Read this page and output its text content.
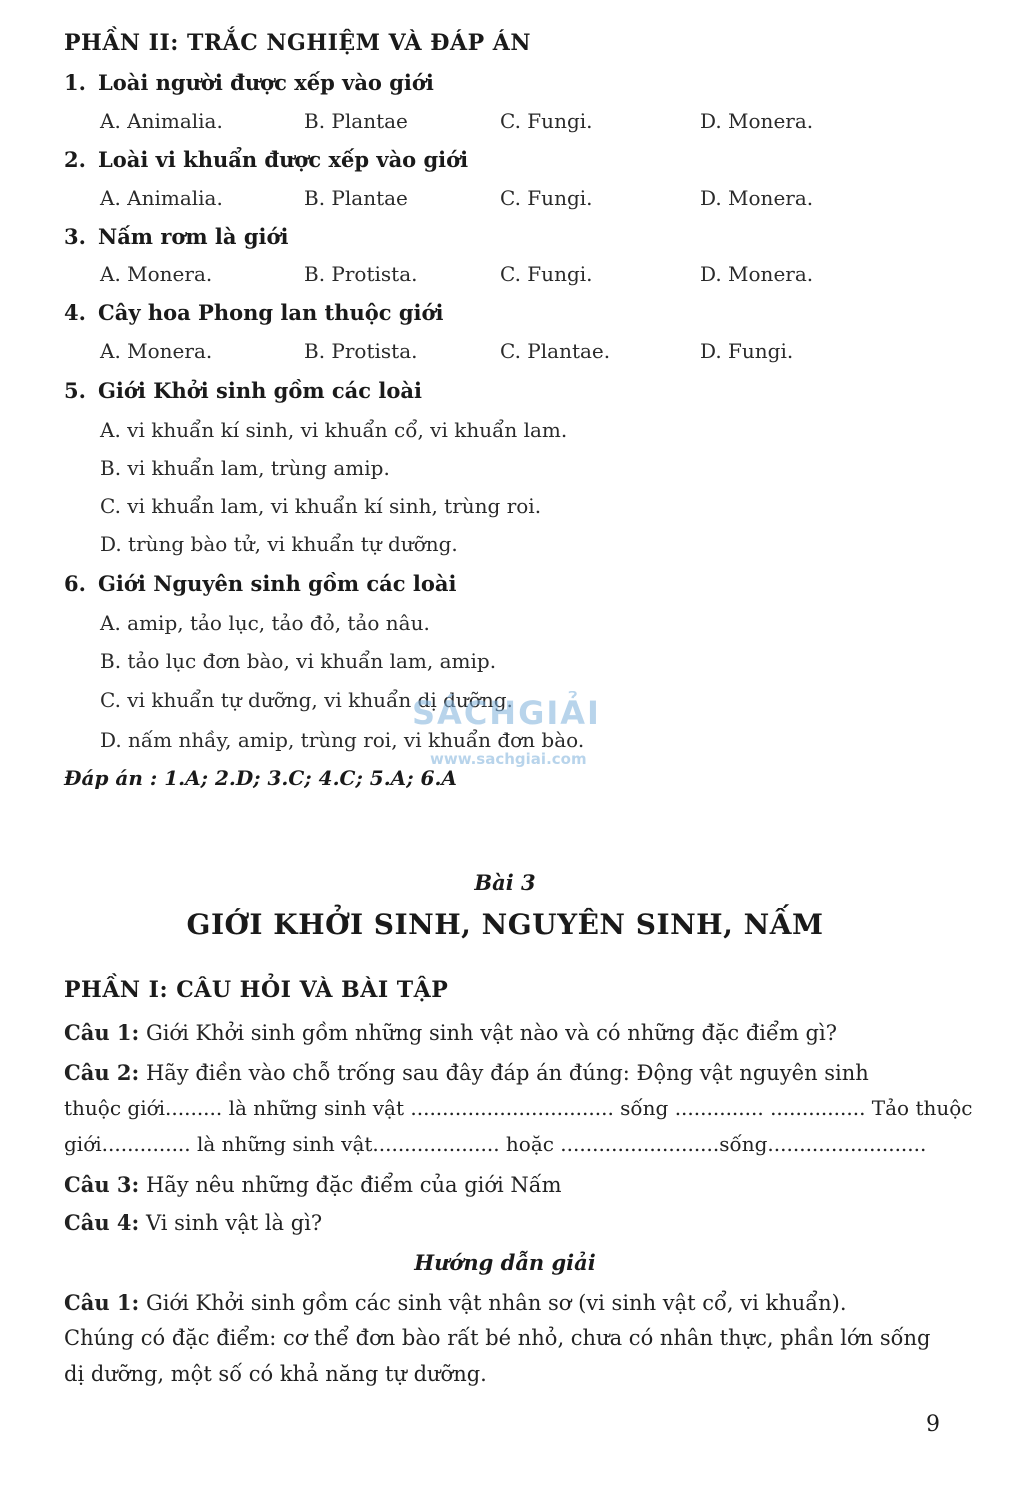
PHẦN II: TRẮC NGHIỆM VÀ ĐÁP ÁN
1. Loài người được xếp vào giới
A. Animalia.	B. Plantae	C. Fungi.	D. Monera.
2. Loài vi khuẩn được xếp vào giới
A. Animalia.	B. Plantae	C. Fungi.	D. Monera.
3. Nấm rơm là giới
A. Monera.	B. Protista.	C. Fungi.	D. Monera.
4. Cây hoa Phong lan thuộc giới
A. Monera.	B. Protista.	C. Plantae.	D. Fungi.
5. Giới Khởi sinh gồm các loài
A. vi khuẩn kí sinh, vi khuẩn cổ, vi khuẩn lam.
B. vi khuẩn lam, trùng amip.
C. vi khuẩn lam, vi khuẩn kí sinh, trùng roi.
D. trùng bào tử, vi khuẩn tự dưỡng.
6. Giới Nguyên sinh gồm các loài
A. amip, tảo lục, tảo đỏ, tảo nâu.
B. tảo lục đơn bào, vi khuẩn lam, amip.
C. vi khuẩn tự dưỡng, vi khuẩn dị dưỡng.
D. nấm nhầy, amip, trùng roi, vi khuẩn đơn bào.
Đáp án : 1.A; 2.D; 3.C; 4.C; 5.A; 6.A
SÁCHGIẢI
www.sachgiai.com
Bài 3
GIỚI KHỞI SINH, NGUYÊN SINH, NẤM
PHẦN I: CÂU HỎI VÀ BÀI TẬP
Câu 1: Giới Khởi sinh gồm những sinh vật nào và có những đặc điểm gì?
Câu 2: Hãy điền vào chỗ trống sau đây đáp án đúng: Động vật nguyên sinh
thuộc giới......... là những sinh vật ................................ sống .............. ............... Tảo thuộc
giới.............. là những sinh vật.................... hoặc .........................sống.........................
Câu 3: Hãy nêu những đặc điểm của giới Nấm
Câu 4: Vi sinh vật là gì?
Hướng dẫn giải
Câu 1: Giới Khởi sinh gồm các sinh vật nhân sơ (vi sinh vật cổ, vi khuẩn).
Chúng có đặc điểm: cơ thể đơn bào rất bé nhỏ, chưa có nhân thực, phần lớn sống
dị dưỡng, một số có khả năng tự dưỡng.
9
